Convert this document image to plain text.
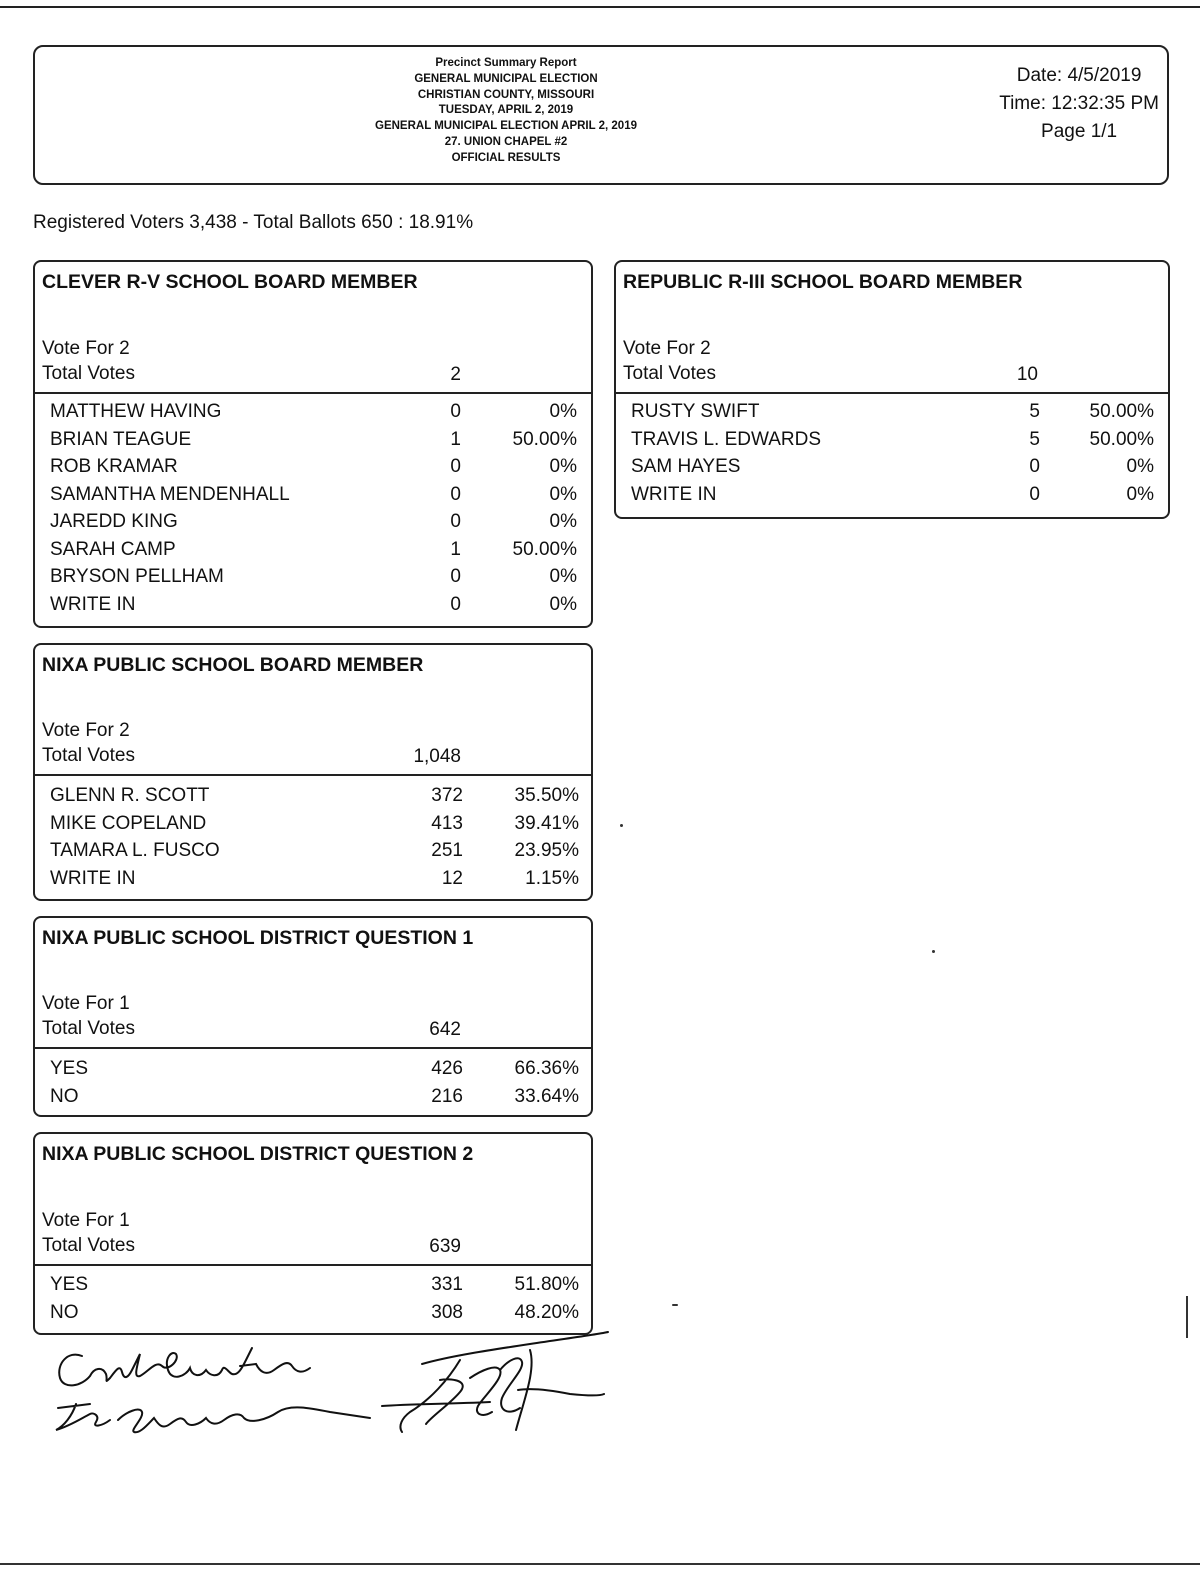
Precinct Summary Report
GENERAL MUNICIPAL ELECTION
CHRISTIAN COUNTY, MISSOURI
TUESDAY, APRIL 2, 2019
GENERAL MUNICIPAL ELECTION APRIL 2, 2019
27. UNION CHAPEL #2
OFFICIAL RESULTS
Date: 4/5/2019
Time: 12:32:35 PM
Page 1/1
Registered Voters 3,438 - Total Ballots 650 : 18.91%
CLEVER R-V SCHOOL BOARD MEMBER
Vote For 2
Total Votes	2
MATTHEW HAVING	0	0%
BRIAN TEAGUE	1	50.00%
ROB KRAMAR	0	0%
SAMANTHA MENDENHALL	0	0%
JAREDD KING	0	0%
SARAH CAMP	1	50.00%
BRYSON PELLHAM	0	0%
WRITE IN	0	0%
REPUBLIC R-III SCHOOL BOARD MEMBER
Vote For 2
Total Votes	10
RUSTY SWIFT	5	50.00%
TRAVIS L. EDWARDS	5	50.00%
SAM HAYES	0	0%
WRITE IN	0	0%
NIXA PUBLIC SCHOOL BOARD MEMBER
Vote For 2
Total Votes	1,048
GLENN R. SCOTT	372	35.50%
MIKE COPELAND	413	39.41%
TAMARA L. FUSCO	251	23.95%
WRITE IN	12	1.15%
NIXA PUBLIC SCHOOL DISTRICT QUESTION 1
Vote For 1
Total Votes	642
YES	426	66.36%
NO	216	33.64%
NIXA PUBLIC SCHOOL DISTRICT QUESTION 2
Vote For 1
Total Votes	639
YES	331	51.80%
NO	308	48.20%
